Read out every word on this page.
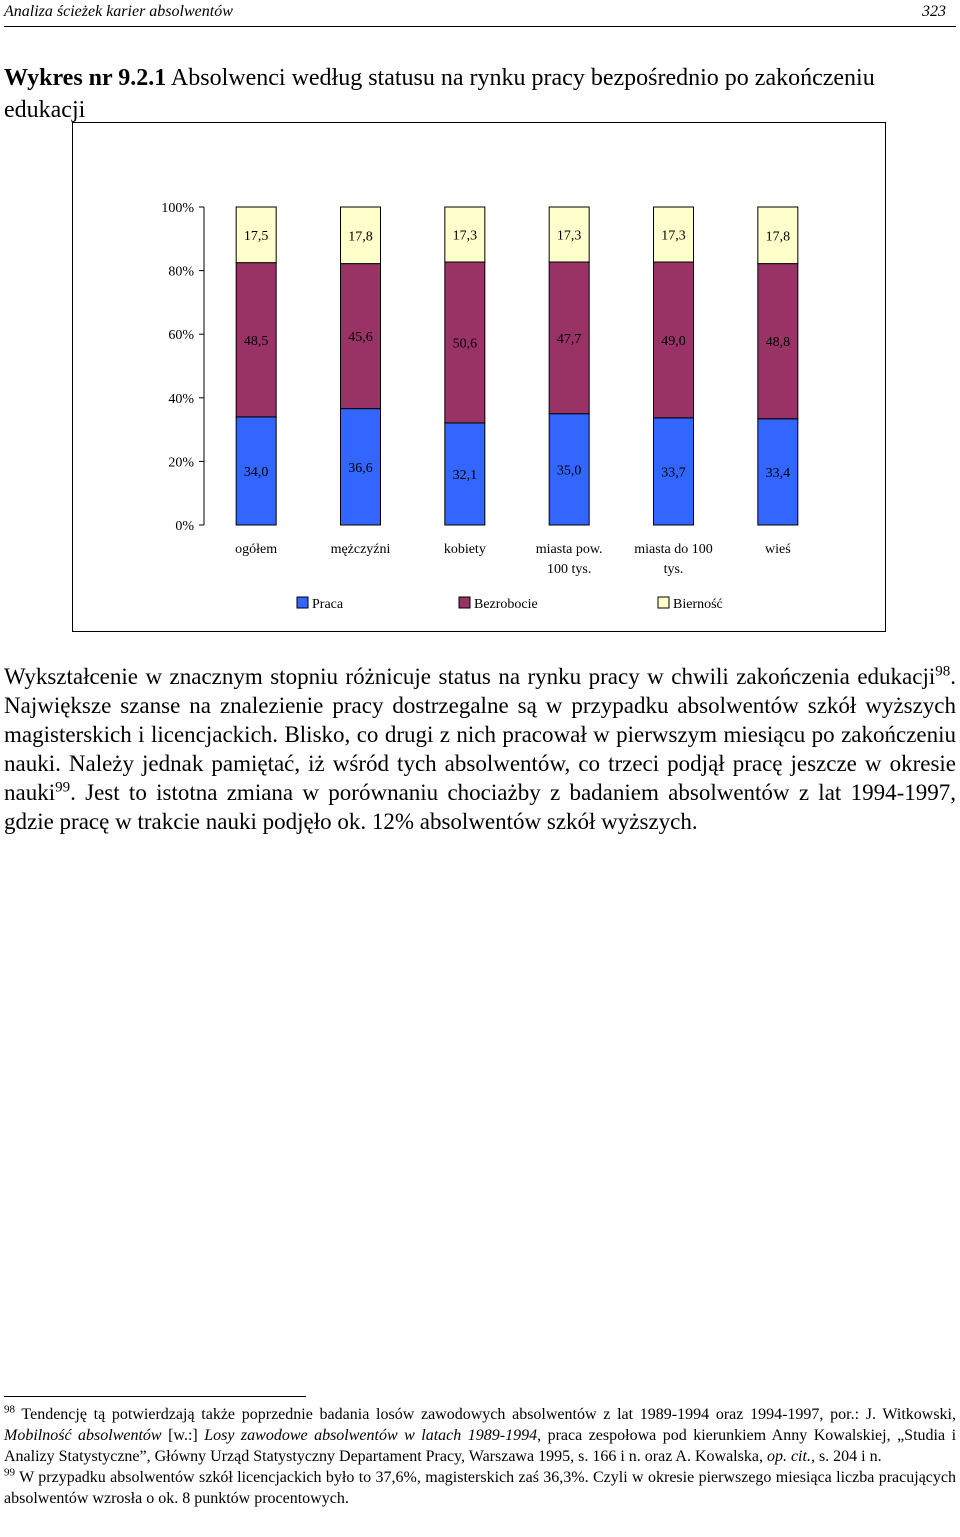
Analiza ścieżek karier absolwentów	323
Wykres nr 9.2.1 Absolwenci według statusu na rynku pracy bezpośrednio po zakończeniu edukacji
0%
20%
40%
60%
80%
100%
34,0
48,5
17,5
ogółem
36,6
45,6
17,8
mężczyźni
32,1
50,6
17,3
kobiety
35,0
47,7
17,3
miasta pow.
100 tys.
33,7
49,0
17,3
miasta do 100
tys.
33,4
48,8
17,8
wieś
Praca	Bezrobocie	Bierność

Wykształcenie w znacznym stopniu różnicuje status na rynku pracy w chwili zakończenia edukacji$^{98}$. Największe szanse na znalezienie pracy dostrzegalne są w przypadku absolwentów szkół wyższych magisterskich i licencjackich. Blisko, co drugi z nich pracował w pierwszym miesiącu po zakończeniu nauki. Należy jednak pamiętać, iż wśród tych absolwentów, co trzeci podjął pracę jeszcze w okresie nauki$^{99}$. Jest to istotna zmiana w porównaniu chociażby z badaniem absolwentów z lat 1994-1997, gdzie pracę w trakcie nauki podjęło ok. 12% absolwentów szkół wyższych.

$^{98}$ Tendencję tą potwierdzają także poprzednie badania losów zawodowych absolwentów z lat 1989-1994 oraz 1994-1997, por.: J. Witkowski, Mobilność absolwentów [w.:] Losy zawodowe absolwentów w latach 1989-1994, praca zespołowa pod kierunkiem Anny Kowalskiej, „Studia i Analizy Statystyczne”, Główny Urząd Statystyczny Departament Pracy, Warszawa 1995, s. 166 i n. oraz A. Kowalska, op. cit., s. 204 i n.

$^{99}$ W przypadku absolwentów szkół licencjackich było to 37,6%, magisterskich zaś 36,3%. Czyli w okresie pierwszego miesiąca liczba pracujących absolwentów wzrosła o ok. 8 punktów procentowych.
